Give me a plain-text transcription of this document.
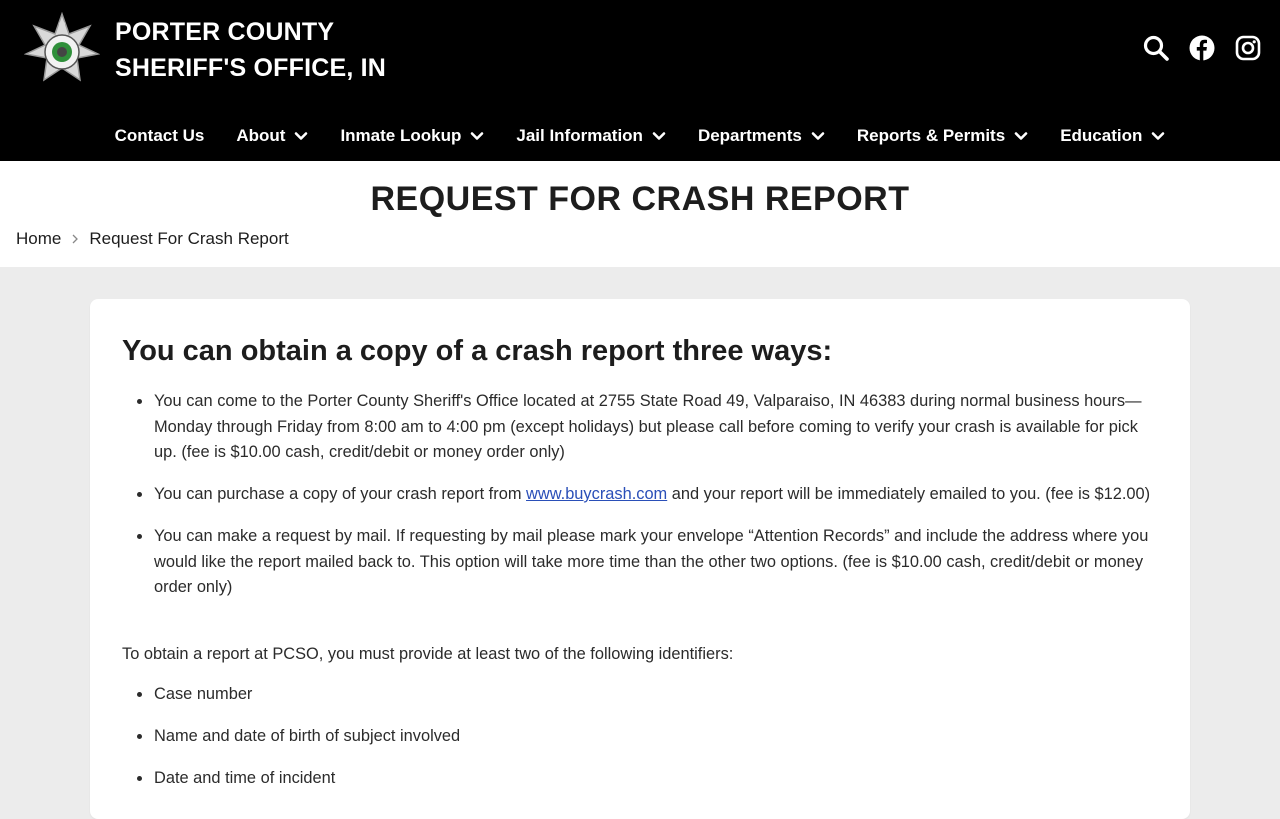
PORTER COUNTY
SHERIFF'S OFFICE, IN
Contact Us About	Inmate Lookup	Jail Information	Departments	Reports & Permits	Education
REQUEST FOR CRASH REPORT
Home Request For Crash Report
You can obtain a copy of a crash report three ways:
You can come to the Porter County Sheriff's Office located at 2755 State Road 49, Valparaiso, IN 46383 during normal business hours—Monday through Friday from 8:00 am to 4:00 pm (except holidays) but please call before coming to verify your crash is available for pick up. (fee is $10.00 cash, credit/debit or money order only)
You can purchase a copy of your crash report from www.buycrash.com and your report will be immediately emailed to you. (fee is $12.00)
You can make a request by mail. If requesting by mail please mark your envelope “Attention Records” and include the address where you would like the report mailed back to. This option will take more time than the other two options. (fee is $10.00 cash, credit/debit or money order only)

To obtain a report at PCSO, you must provide at least two of the following identifiers:

Case number
Name and date of birth of subject involved
Date and time of incident
